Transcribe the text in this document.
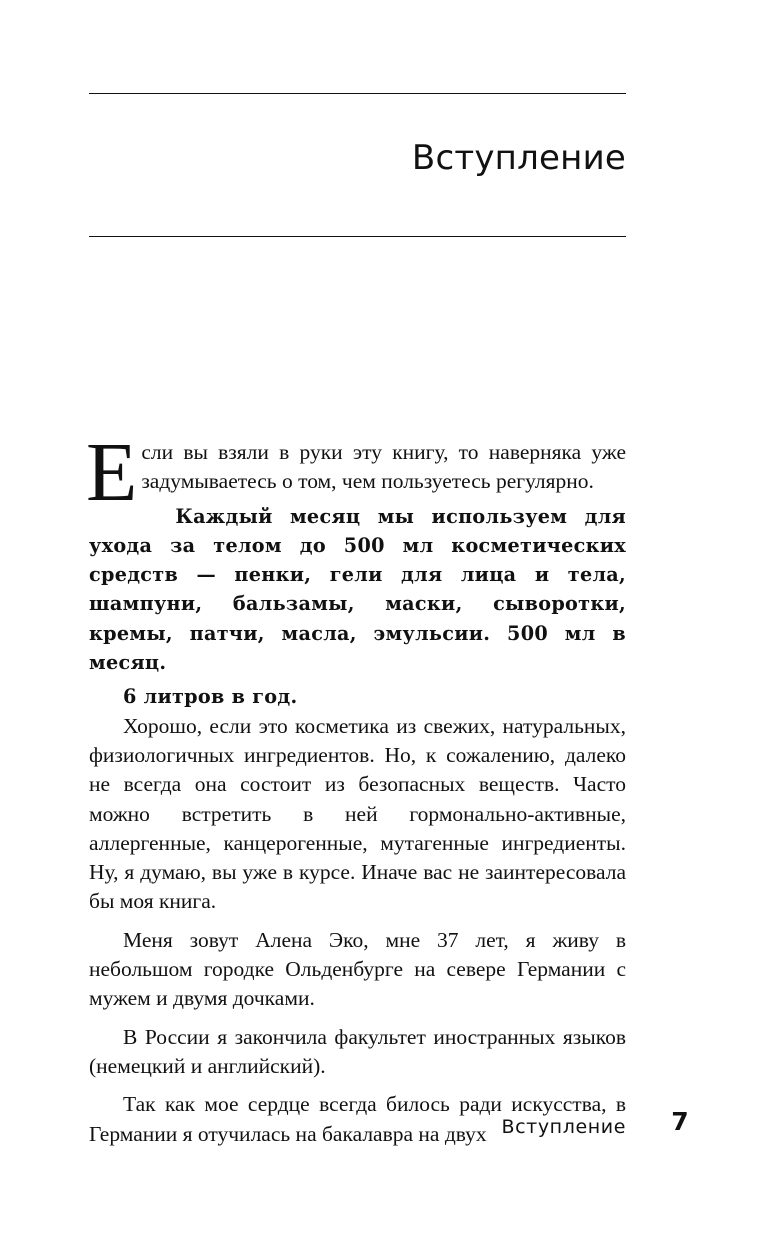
Вступление

Если вы взяли в руки эту книгу, то наверняка уже задумываетесь о том, чем пользуетесь регулярно.

Каждый месяц мы используем для ухода за телом до 500 мл косметических средств — пенки, гели для лица и тела, шампуни, бальзамы, маски, сыворотки, кремы, патчи, масла, эмульсии. 500 мл в месяц.

6 литров в год.

Хорошо, если это косметика из свежих, натуральных, физиологичных ингредиентов. Но, к сожалению, далеко не всегда она состоит из безопасных веществ. Часто можно встретить в ней гормонально-активные, аллергенные, канцерогенные, мутагенные ингредиенты. Ну, я думаю, вы уже в курсе. Иначе вас не заинтересовала бы моя книга.

Меня зовут Алена Эко, мне 37 лет, я живу в небольшом городке Ольденбурге на севере Германии с мужем и двумя дочками.

В России я закончила факультет иностранных языков (немецкий и английский).

Так как мое сердце всегда билось ради искусства, в Германии я отучилась на бакалавра на двух Вступление	7
